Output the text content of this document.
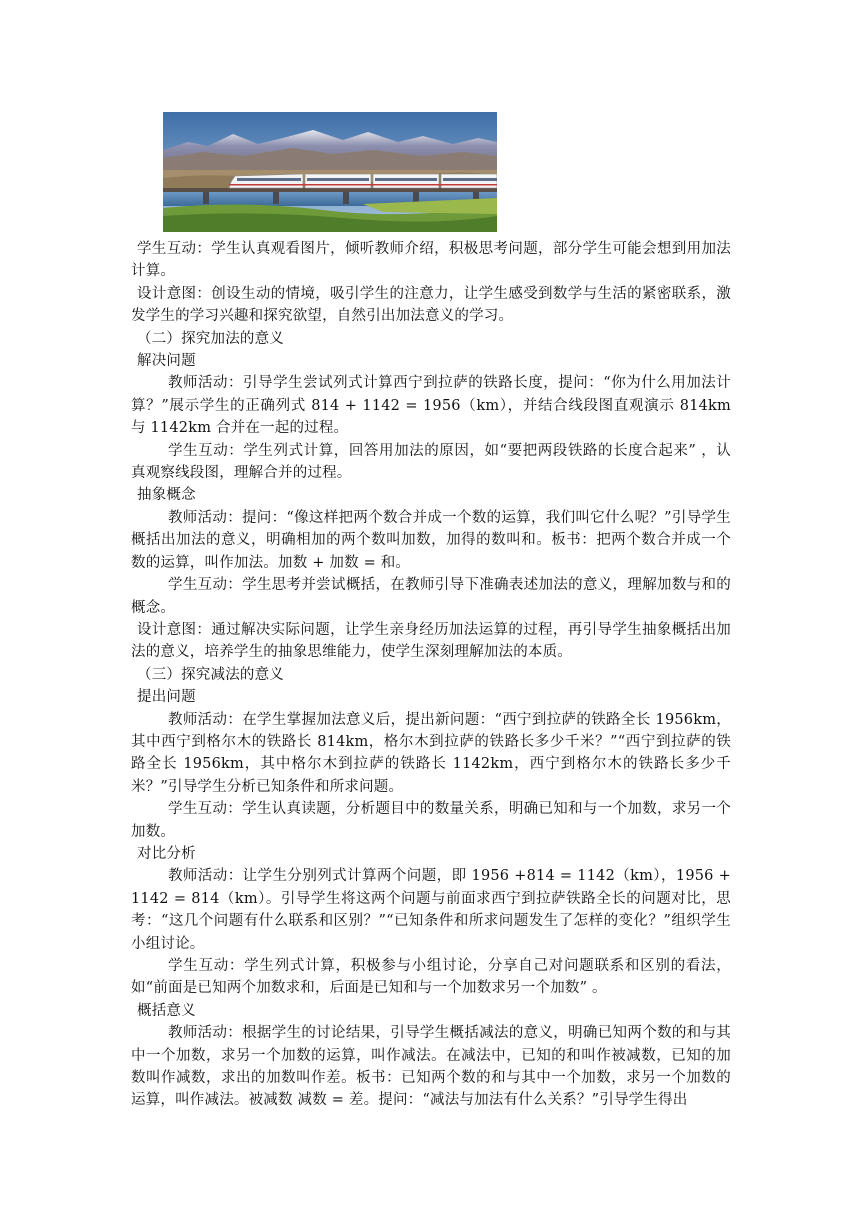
学生互动：学生认真观看图片，倾听教师介绍，积极思考问题，部分学生可能会想到用加法计算。

设计意图：创设生动的情境，吸引学生的注意力，让学生感受到数学与生活的紧密联系，激发学生的学习兴趣和探究欲望，自然引出加法意义的学习。

（二）探究加法的意义

解决问题

教师活动：引导学生尝试列式计算西宁到拉萨的铁路长度，提问：“你为什么用加法计算？”展示学生的正确列式 814 + 1142 = 1956（km），并结合线段图直观演示 814km 与 1142km 合并在一起的过程。

学生互动：学生列式计算，回答用加法的原因，如“要把两段铁路的长度合起来” ，认真观察线段图，理解合并的过程。

抽象概念

教师活动：提问：“像这样把两个数合并成一个数的运算，我们叫它什么呢？”引导学生概括出加法的意义，明确相加的两个数叫加数，加得的数叫和。板书：把两个数合并成一个数的运算，叫作加法。加数 + 加数 = 和。

学生互动：学生思考并尝试概括，在教师引导下准确表述加法的意义，理解加数与和的概念。

设计意图：通过解决实际问题，让学生亲身经历加法运算的过程，再引导学生抽象概括出加法的意义，培养学生的抽象思维能力，使学生深刻理解加法的本质。

（三）探究减法的意义

提出问题

教师活动：在学生掌握加法意义后，提出新问题：“西宁到拉萨的铁路全长 1956km，其中西宁到格尔木的铁路长 814km，格尔木到拉萨的铁路长多少千米？”“西宁到拉萨的铁路全长 1956km，其中格尔木到拉萨的铁路长 1142km，西宁到格尔木的铁路长多少千米？”引导学生分析已知条件和所求问题。

学生互动：学生认真读题，分析题目中的数量关系，明确已知和与一个加数，求另一个加数。

对比分析

教师活动：让学生分别列式计算两个问题，即 1956 +814 = 1142（km），1956 + 1142 = 814（km）。引导学生将这两个问题与前面求西宁到拉萨铁路全长的问题对比，思考：“这几个问题有什么联系和区别？”“已知条件和所求问题发生了怎样的变化？”组织学生小组讨论。

学生互动：学生列式计算，积极参与小组讨论，分享自己对问题联系和区别的看法，如“前面是已知两个加数求和，后面是已知和与一个加数求另一个加数” 。

概括意义

教师活动：根据学生的讨论结果，引导学生概括减法的意义，明确已知两个数的和与其中一个加数，求另一个加数的运算，叫作减法。在减法中，已知的和叫作被减数，已知的加数叫作减数，求出的加数叫作差。板书：已知两个数的和与其中一个加数，求另一个加数的运算，叫作减法。被减数 减数 = 差。提问：“减法与加法有什么关系？”引导学生得出
